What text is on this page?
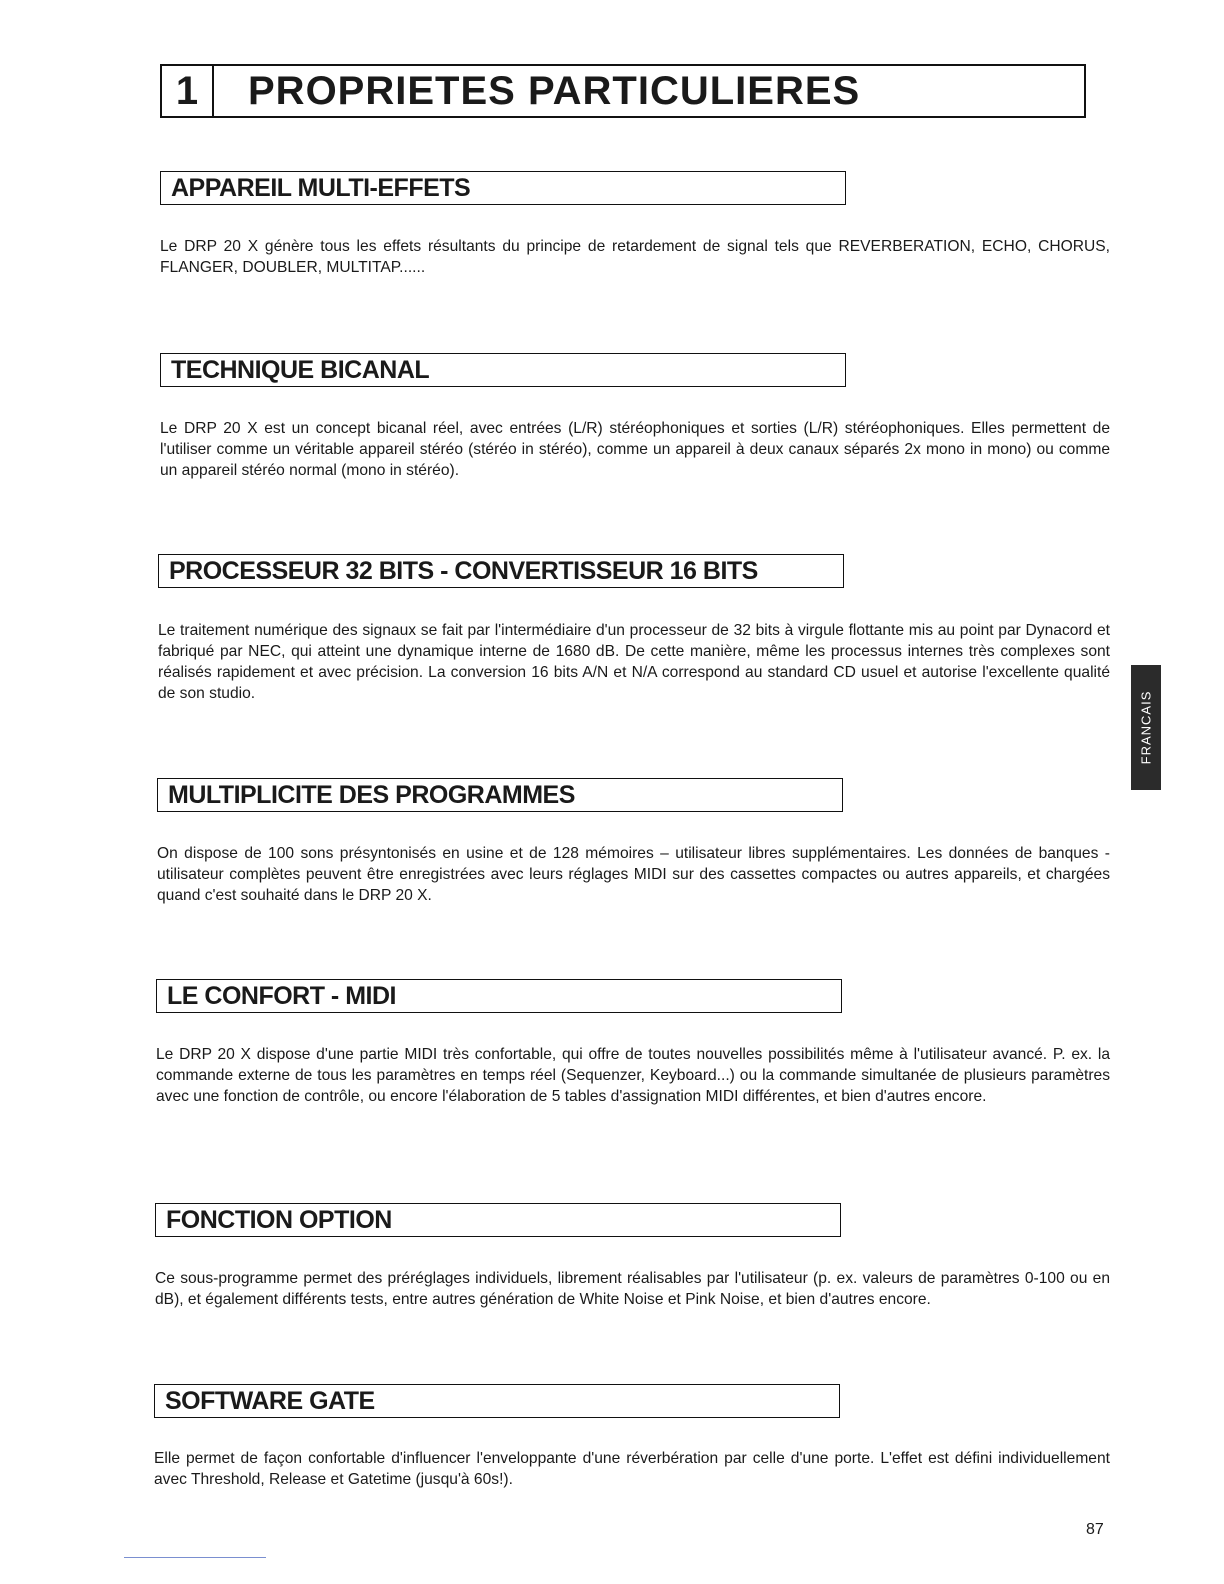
1	PROPRIETES PARTICULIERES
APPAREIL MULTI-EFFETS

Le DRP 20 X génère tous les effets résultants du principe de retardement de signal tels que REVERBERATION, ECHO, CHORUS, FLANGER, DOUBLER, MULTITAP......

TECHNIQUE BICANAL

Le DRP 20 X est un concept bicanal réel, avec entrées (L/R) stéréophoniques et sorties (L/R) stéréophoniques. Elles permettent de l'utiliser comme un véritable appareil stéréo (stéréo in stéréo), comme un appareil à deux canaux séparés 2x mono in mono) ou comme un appareil stéréo normal (mono in stéréo).

PROCESSEUR 32 BITS - CONVERTISSEUR 16 BITS

Le traitement numérique des signaux se fait par l'intermédiaire d'un processeur de 32 bits à virgule flottante mis au point par Dynacord et fabriqué par NEC, qui atteint une dynamique interne de 1680 dB. De cette manière, même les processus internes très complexes sont réalisés rapidement et avec précision. La conversion 16 bits A/N et N/A correspond au standard CD usuel et autorise l'excellente qualité de son studio.

MULTIPLICITE DES PROGRAMMES

On dispose de 100 sons présyntonisés en usine et de 128 mémoires – utilisateur libres supplémentaires. Les données de banques - utilisateur complètes peuvent être enregistrées avec leurs réglages MIDI sur des cassettes compactes ou autres appareils, et chargées quand c'est souhaité dans le DRP 20 X.

LE CONFORT - MIDI

Le DRP 20 X dispose d'une partie MIDI très confortable, qui offre de toutes nouvelles possibilités même à l'utilisateur avancé. P. ex. la commande externe de tous les paramètres en temps réel (Sequenzer, Keyboard...) ou la commande simultanée de plusieurs paramètres avec une fonction de contrôle, ou encore l'élaboration de 5 tables d'assignation MIDI différentes, et bien d'autres encore.

FONCTION OPTION

Ce sous-programme permet des préréglages individuels, librement réalisables par l'utilisateur (p. ex. valeurs de paramètres 0-100 ou en dB), et également différents tests, entre autres génération de White Noise et Pink Noise, et bien d'autres encore.

SOFTWARE GATE

Elle permet de façon confortable d'influencer l'enveloppante d'une réverbération par celle d'une porte. L'effet est défini individuellement avec Threshold, Release et Gatetime (jusqu'à 60s!).

FRANCAIS
87
